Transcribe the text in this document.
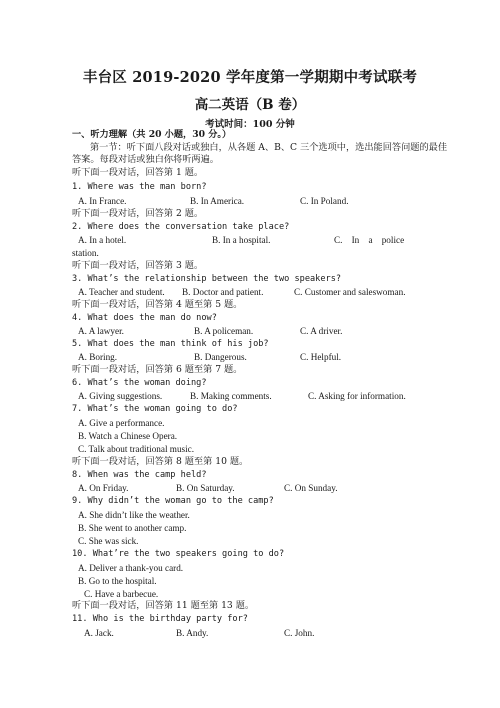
丰台区 2019-2020 学年度第一学期期中考试联考
高二英语（B 卷）
考试时间：100 分钟
一、听力理解（共 20 小题，30 分。）
第一节：听下面八段对话或独白，从各题 A、B、C 三个选项中，选出能回答问题的最佳
答案。每段对话或独白你将听两遍。
听下面一段对话，回答第 1 题。
1. Where was the man born?
A. In France.	B. In America.	C. In Poland.
听下面一段对话，回答第 2 题。
2. Where does the conversation take place?
A. In a hotel.	B. In a hospital.	C.    In    a    police
station.
听下面一段对话，回答第 3 题。
3. What’s the relationship between the two speakers?
A. Teacher and student. B. Doctor and patient.	C. Customer and saleswoman.
听下面一段对话，回答第 4 题至第 5 题。
4. What does the man do now?
A. A lawyer.	B. A policeman.	C. A driver.
5. What does the man think of his job?
A. Boring.	B. Dangerous.	C. Helpful.
听下面一段对话，回答第 6 题至第 7 题。
6. What’s the woman doing?
A. Giving suggestions.	B. Making comments.	C. Asking for information.
7. What’s the woman going to do?
A. Give a performance.
B. Watch a Chinese Opera.
C. Talk about traditional music.
听下面一段对话，回答第 8 题至第 10 题。
8. When was the camp held?
A. On Friday.	B. On Saturday.	C. On Sunday.
9. Why didn’t the woman go to the camp?
A. She didn’t like the weather.
B. She went to another camp.
C. She was sick.
10. What’re the two speakers going to do?
A. Deliver a thank-you card.
B. Go to the hospital.
C. Have a barbecue.
听下面一段对话，回答第 11 题至第 13 题。
11. Who is the birthday party for?
A. Jack.	B. Andy.	C. John.
